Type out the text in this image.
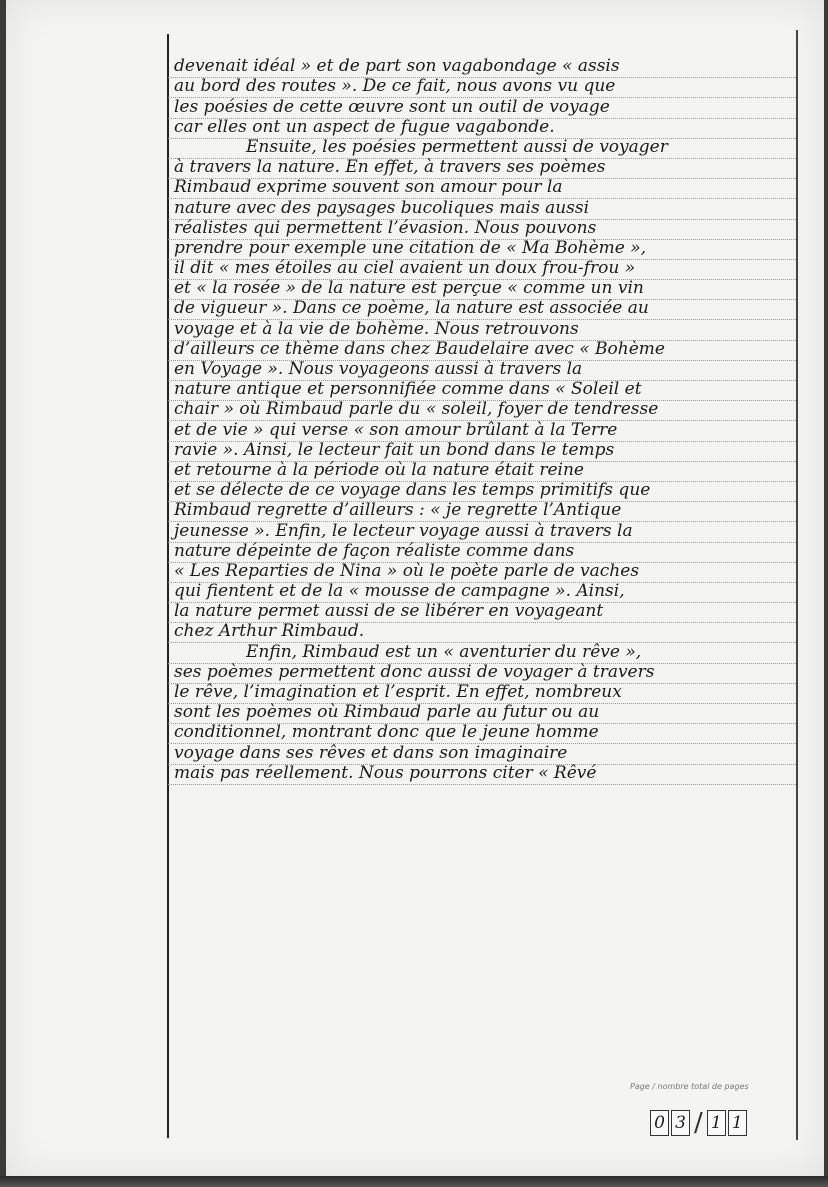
devenait idéal » et de part son vagabondage « assis
au bord des routes ». De ce fait, nous avons vu que
les poésies de cette œuvre sont un outil de voyage
car elles ont un aspect de fugue vagabonde.
Ensuite, les poésies permettent aussi de voyager
à travers la nature. En effet, à travers ses poèmes
Rimbaud exprime souvent son amour pour la
nature avec des paysages bucoliques mais aussi
réalistes qui permettent l’évasion. Nous pouvons
prendre pour exemple une citation de « Ma Bohème »,
il dit « mes étoiles au ciel avaient un doux frou-frou »
et « la rosée » de la nature est perçue « comme un vin
de vigueur ». Dans ce poème, la nature est associée au
voyage et à la vie de bohème. Nous retrouvons
d’ailleurs ce thème dans chez Baudelaire avec « Bohème
en Voyage ». Nous voyageons aussi à travers la
nature antique et personnifiée comme dans « Soleil et
chair » où Rimbaud parle du « soleil, foyer de tendresse
et de vie » qui verse « son amour brûlant à la Terre
ravie ». Ainsi, le lecteur fait un bond dans le temps
et retourne à la période où la nature était reine
et se délecte de ce voyage dans les temps primitifs que
Rimbaud regrette d’ailleurs : « je regrette l’Antique
jeunesse ». Enfin, le lecteur voyage aussi à travers la
nature dépeinte de façon réaliste comme dans
« Les Reparties de Nina » où le poète parle de vaches
qui fientent et de la « mousse de campagne ». Ainsi,
la nature permet aussi de se libérer en voyageant
chez Arthur Rimbaud.
Enfin, Rimbaud est un « aventurier du rêve »,
ses poèmes permettent donc aussi de voyager à travers
le rêve, l’imagination et l’esprit. En effet, nombreux
sont les poèmes où Rimbaud parle au futur ou au
conditionnel, montrant donc que le jeune homme
voyage dans ses rêves et dans son imaginaire
mais pas réellement. Nous pourrons citer « Rêvé
Page / nombre total de pages
0 3 / 1 1
